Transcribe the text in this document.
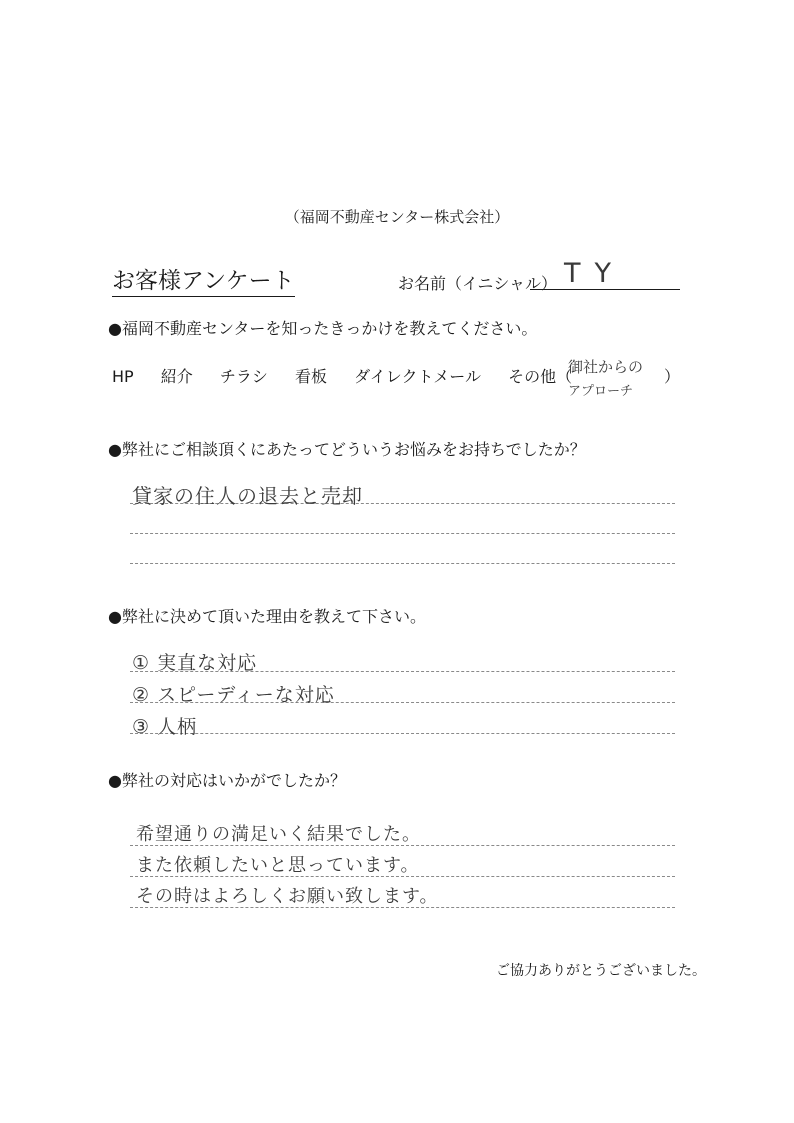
（福岡不動産センター株式会社）
お客様アンケート	お名前（イニシャル） TY
●福岡不動産センターを知ったきっかけを教えてください。
HP 紹介 チラシ 看板 ダイレクトメール その他（
御社からの
アプローチ
）
●弊社にご相談頂くにあたってどういうお悩みをお持ちでしたか？
貸家の住人の退去と売却
●弊社に決めて頂いた理由を教えて下さい。
① 実直な対応
② スピーディーな対応
③ 人柄
●弊社の対応はいかがでしたか？
希望通りの満足いく結果でした。
また依頼したいと思っています。
その時はよろしくお願い致します。
ご協力ありがとうございました。
